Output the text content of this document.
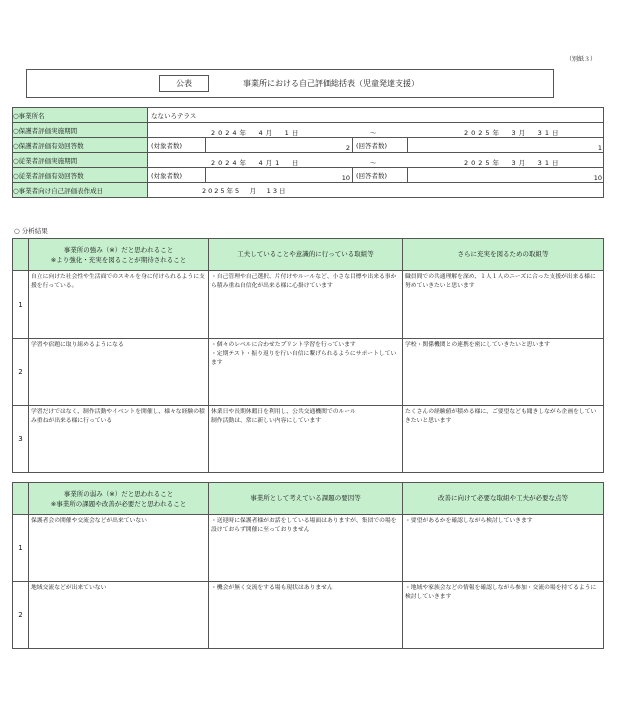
（別紙３）
公表	事業所における自己評価総括表（児童発達支援）
○事業所名	なないろテラス			
○保護者評価実施期間	2024年　4月　1日 ～ 2025年　3月　31日			

○保護者評価有効回答数	(対象者数)	2	(回答者数)	1
○従業者評価実施期間	2024年　4月1　日 ～ 2025年　3月　31日			

○従業者評価有効回答数	(対象者数)	10	(回答者数)	10
○事業者向け自己評価表作成日	2025年5　月　13日			
○ 分析結果

	事業所の強み（※）だと思われること
※より強化・充実を図ることが期待されること	工夫していることや意識的に行っている取組等	さらに充実を図るための取組等
1	自立に向けた社会性や生活面でのスキルを身に付けられるように支援を行っている。	・自己管理や自己選択、片付けやルールなど、小さな目標や出来る事から積み重ね自信化が出来る様に心掛けています	職員間での共通理解を深め、１人１人のニーズに合った支援が出来る様に努めていきたいと思います
2	学習や宿題に取り組めるようになる	・個々のレベルに合わせたプリント学習を行っています
・定期テスト・振り返りを行い自信に繋げられるようにサポートしています	学校・関係機関との連携を密にしていきたいと思います
3	学習だけではなく、制作活動やイベントを開催し、様々な経験の積み重ねが出来る様に行っている	休業日や長期休暇日を利用し、公共交通機関でのルール
制作活動は、常に新しい内容にしています	たくさんの経験値が積める様に、ご要望なども聞きしながら企画をしていきたいと思います

	事業所の弱み（※）だと思われること
※事業所の課題や改善が必要だと思われること	事業所として考えている課題の要因等	改善に向けて必要な取組や工夫が必要な点等
1	保護者会の開催や交流会などが出来ていない	・送迎時に保護者様がお話をしている場面はありますが、集団での場を設けておらず開催に至っておりません	・要望があるかを確認しながら検討していきます
2	地域交流などが出来ていない	・機会が無く交流をする場も現状はありません	・地域や家族会などの情報を確認しながら参加・交流の場を持てるように検討していきます
